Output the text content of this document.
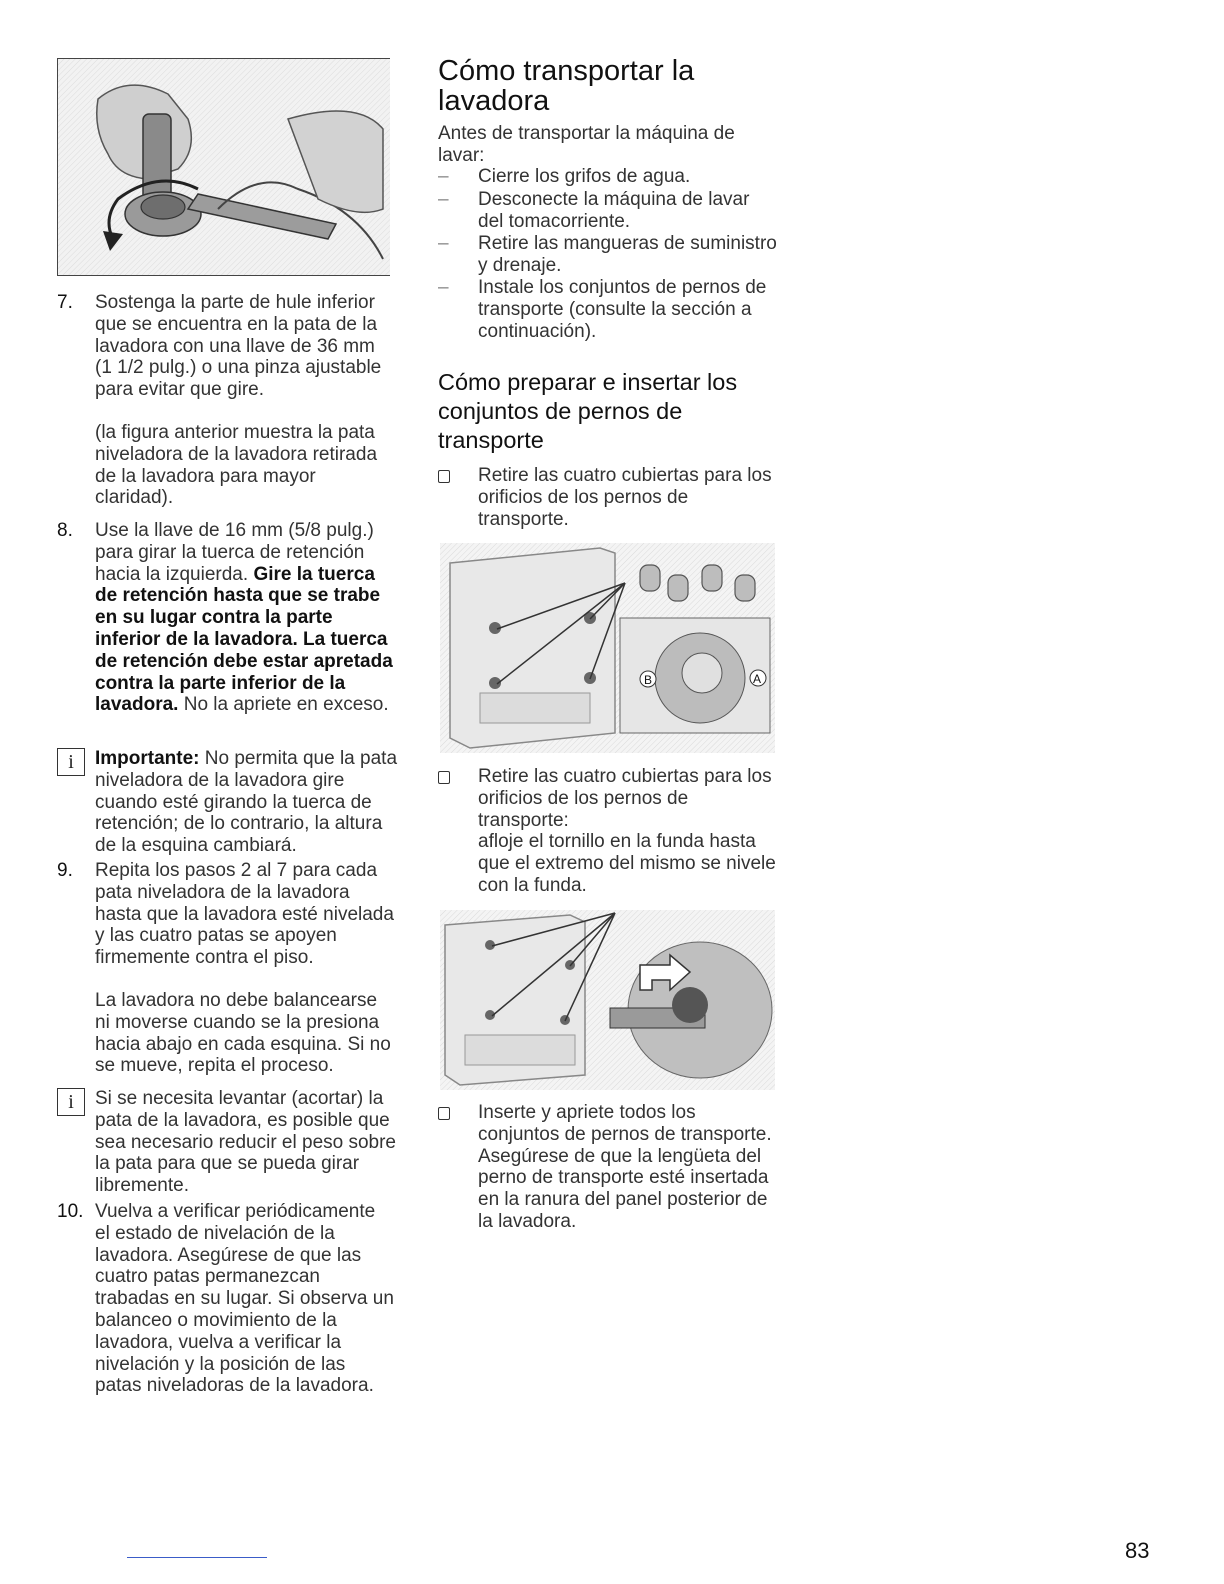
7. Sostenga la parte de hule inferior que se encuentra en la pata de la lavadora con una llave de 36 mm (1 1/2 pulg.) o una pinza ajustable para evitar que gire.
(la figura anterior muestra la pata niveladora de la lavadora retirada de la lavadora para mayor claridad).
8. Use la llave de 16 mm (5/8 pulg.) para girar la tuerca de retención hacia la izquierda. Gire la tuerca de retención hasta que se trabe en su lugar contra la parte inferior de la lavadora. La tuerca de retención debe estar apretada contra la parte inferior de la lavadora. No la apriete en exceso.
i	Importante: No permita que la pata niveladora de la lavadora gire cuando esté girando la tuerca de retención; de lo contrario, la altura de la esquina cambiará.
9. Repita los pasos 2 al 7 para cada pata niveladora de la lavadora hasta que la lavadora esté nivelada y las cuatro patas se apoyen firmemente contra el piso.
La lavadora no debe balancearse ni moverse cuando se la presiona hacia abajo en cada esquina. Si no se mueve, repita el proceso.
i	Si se necesita levantar (acortar) la pata de la lavadora, es posible que sea necesario reducir el peso sobre la pata para que se pueda girar libremente.
10. Vuelva a verificar periódicamente el estado de nivelación de la lavadora. Asegúrese de que las cuatro patas permanezcan trabadas en su lugar. Si observa un balanceo o movimiento de la lavadora, vuelva a verificar la nivelación y la posición de las patas niveladoras de la lavadora.
Cómo transportar la lavadora
Antes de transportar la máquina de lavar:
– Cierre los grifos de agua.
– Desconecte la máquina de lavar del tomacorriente.
– Retire las mangueras de suministro y drenaje.
– Instale los conjuntos de pernos de transporte (consulte la sección a continuación).
Cómo preparar e insertar los conjuntos de pernos de transporte
Retire las cuatro cubiertas para los orificios de los pernos de transporte.
B	A
Retire las cuatro cubiertas para los orificios de los pernos de transporte:
afloje el tornillo en la funda hasta que el extremo del mismo se nivele con la funda.
Inserte y apriete todos los conjuntos de pernos de transporte. Asegúrese de que la lengüeta del perno de transporte esté insertada en la ranura del panel posterior de la lavadora.
83
